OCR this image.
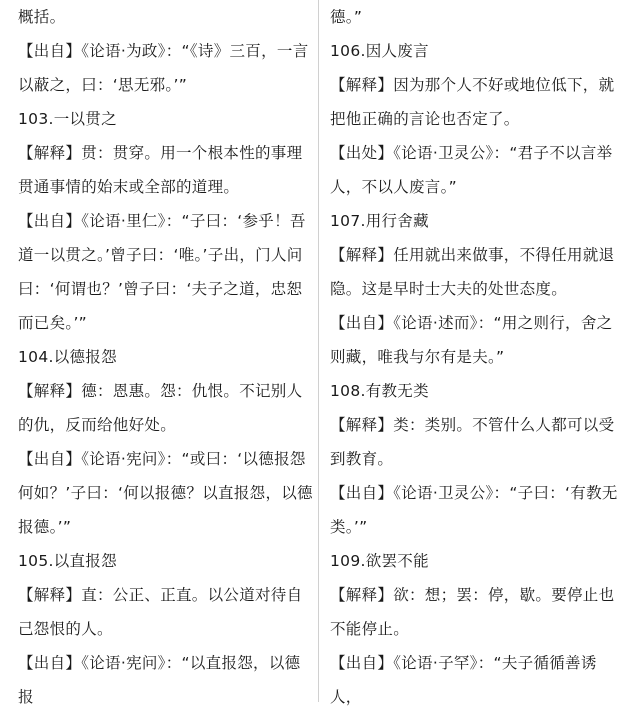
概括。

【出自】《论语·为政》：“《诗》三百，一言以蔽之，曰：‘思无邪。’”

103.一以贯之

【解释】贯：贯穿。用一个根本性的事理贯通事情的始末或全部的道理。

【出自】《论语·里仁》：“子曰：‘参乎！吾道一以贯之。’曾子曰：‘唯。’子出，门人问曰：‘何谓也？’曾子曰：‘夫子之道，忠恕而已矣。’”

104.以德报怨

【解释】德：恩惠。怨：仇恨。不记别人的仇，反而给他好处。

【出自】《论语·宪问》：“或曰：‘以德报怨何如？’子曰：‘何以报德？以直报怨，以德报德。’”

105.以直报怨

【解释】直：公正、正直。以公道对待自己怨恨的人。

【出自】《论语·宪问》：“以直报怨，以德报

德。”

106.因人废言

【解释】因为那个人不好或地位低下，就把他正确的言论也否定了。

【出处】《论语·卫灵公》：“君子不以言举人，不以人废言。”

107.用行舍藏

【解释】任用就出来做事，不得任用就退隐。这是早时士大夫的处世态度。

【出自】《论语·述而》：“用之则行，舍之则藏，唯我与尔有是夫。”

108.有教无类

【解释】类：类别。不管什么人都可以受到教育。

【出自】《论语·卫灵公》：“子曰：‘有教无类。’”

109.欲罢不能

【解释】欲：想；罢：停，歇。要停止也不能停止。

【出自】《论语·子罕》：“夫子循循善诱人，
